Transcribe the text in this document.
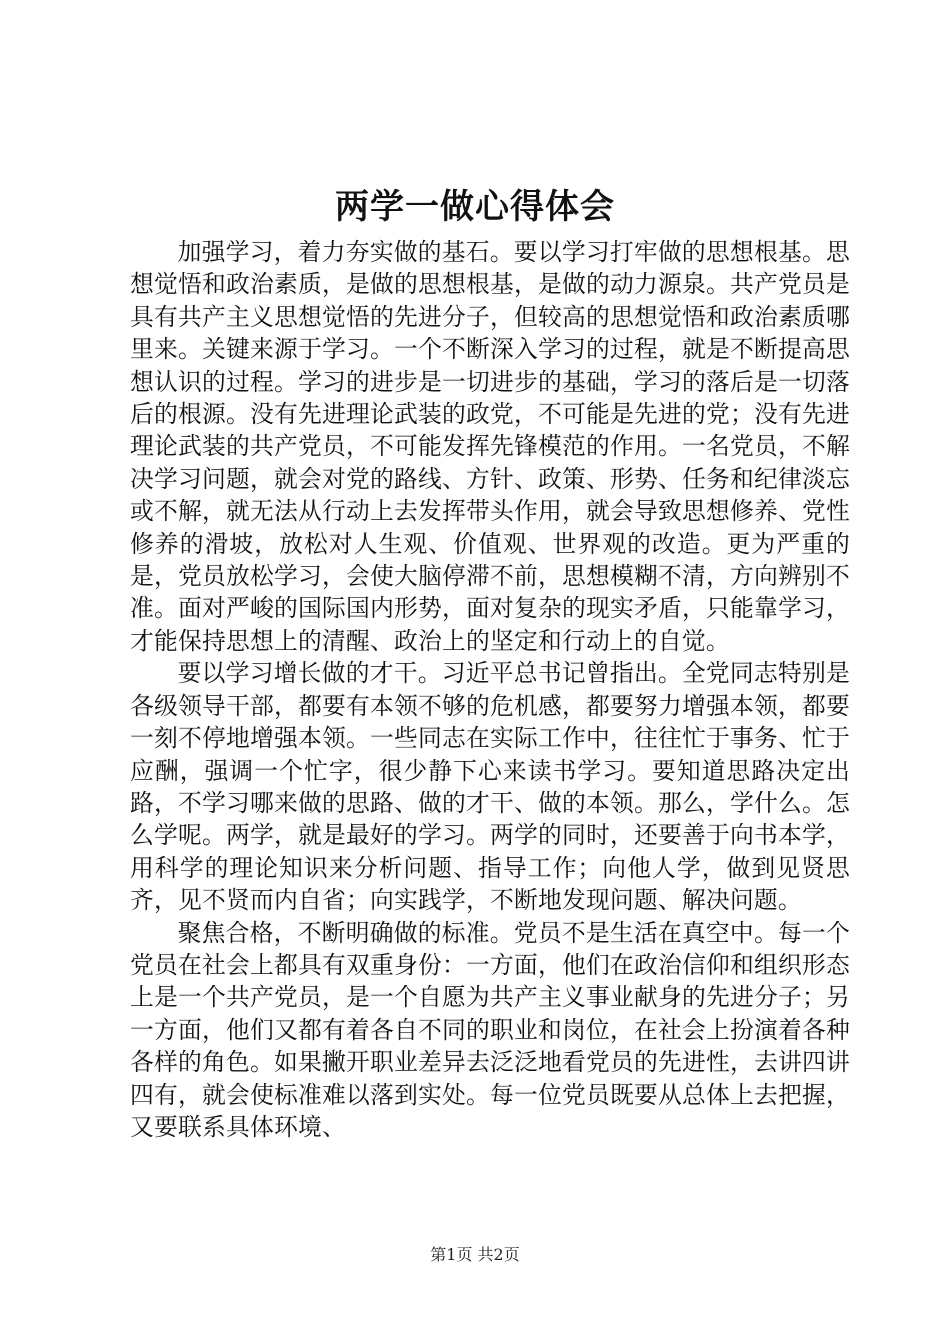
两学一做心得体会

加强学习，着力夯实做的基石。要以学习打牢做的思想根基。思想觉悟和政治素质，是做的思想根基，是做的动力源泉。共产党员是具有共产主义思想觉悟的先进分子，但较高的思想觉悟和政治素质哪里来。关键来源于学习。一个不断深入学习的过程，就是不断提高思想认识的过程。学习的进步是一切进步的基础，学习的落后是一切落后的根源。没有先进理论武装的政党，不可能是先进的党；没有先进理论武装的共产党员，不可能发挥先锋模范的作用。一名党员，不解决学习问题，就会对党的路线、方针、政策、形势、任务和纪律淡忘或不解，就无法从行动上去发挥带头作用，就会导致思想修养、党性修养的滑坡，放松对人生观、价值观、世界观的改造。更为严重的是，党员放松学习，会使大脑停滞不前，思想模糊不清，方向辨别不准。面对严峻的国际国内形势，面对复杂的现实矛盾，只能靠学习，才能保持思想上的清醒、政治上的坚定和行动上的自觉。

要以学习增长做的才干。习近平总书记曾指出。全党同志特别是各级领导干部，都要有本领不够的危机感，都要努力增强本领，都要一刻不停地增强本领。一些同志在实际工作中，往往忙于事务、忙于应酬，强调一个忙字，很少静下心来读书学习。要知道思路决定出路，不学习哪来做的思路、做的才干、做的本领。那么，学什么。怎么学呢。两学，就是最好的学习。两学的同时，还要善于向书本学，用科学的理论知识来分析问题、指导工作；向他人学，做到见贤思齐，见不贤而内自省；向实践学，不断地发现问题、解决问题。

聚焦合格，不断明确做的标准。党员不是生活在真空中。每一个党员在社会上都具有双重身份：一方面，他们在政治信仰和组织形态上是一个共产党员，是一个自愿为共产主义事业献身的先进分子；另一方面，他们又都有着各自不同的职业和岗位，在社会上扮演着各种各样的角色。如果撇开职业差异去泛泛地看党员的先进性，去讲四讲四有，就会使标准难以落到实处。每一位党员既要从总体上去把握，又要联系具体环境、

第1页 共2页
